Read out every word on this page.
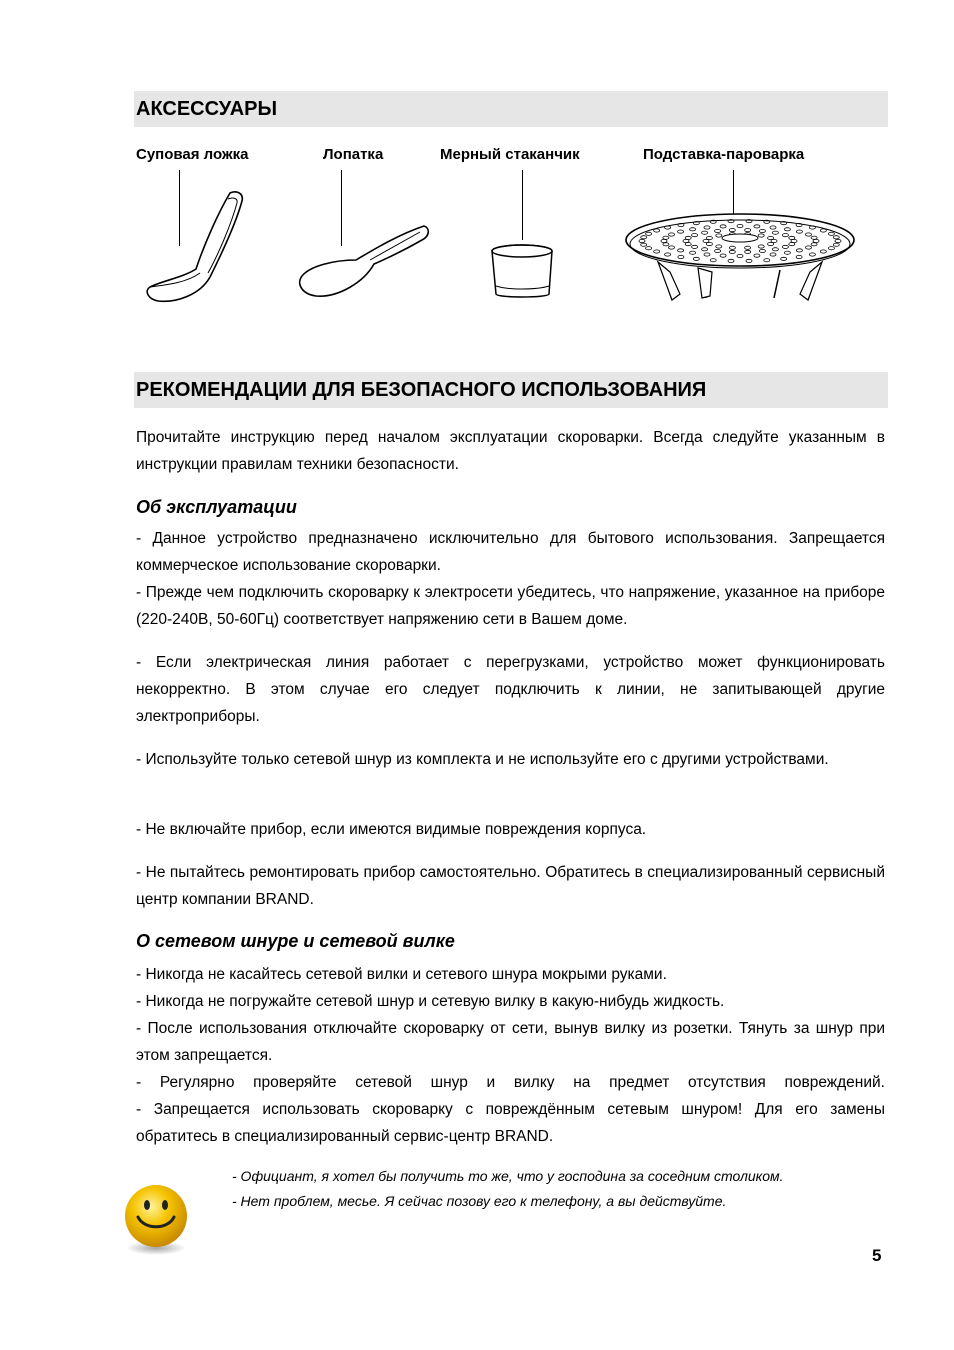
АКСЕССУАРЫ
Суповая ложка	Лопатка	Мерный стаканчик	Подставка-пароварка
РЕКОМЕНДАЦИИ ДЛЯ БЕЗОПАСНОГО ИСПОЛЬЗОВАНИЯ

Прочитайте инструкцию перед началом эксплуатации скороварки. Всегда следуйте указанным в инструкции правилам техники безопасности.

Об эксплуатации

- Данное устройство предназначено исключительно для бытового использования. Запрещается коммерческое использование скороварки.

- Прежде чем подключить скороварку к электросети убедитесь, что напряжение, указанное на приборе (220-240В, 50-60Гц) соответствует напряжению сети в Вашем доме.

- Если электрическая линия работает с перегрузками, устройство может функционировать некорректно. В этом случае его следует подключить к линии, не запитывающей другие электроприборы.

- Используйте только сетевой шнур из комплекта и не используйте его с другими устройствами.

- Не включайте прибор, если имеются видимые повреждения корпуса.

- Не пытайтесь ремонтировать прибор самостоятельно. Обратитесь в специализированный сервисный центр компании BRAND.

О сетевом шнуре и сетевой вилке

- Никогда не касайтесь сетевой вилки и сетевого шнура мокрыми руками.

- Никогда не погружайте сетевой шнур и сетевую вилку в какую-нибудь жидкость.

- После использования отключайте скороварку от сети, вынув вилку из розетки. Тянуть за шнур при этом запрещается.

- Регулярно проверяйте сетевой шнур и вилку на предмет отсутствия повреждений.

- Запрещается использовать скороварку с повреждённым сетевым шнуром! Для его замены обратитесь в специализированный сервис-центр BRAND.

- Официант, я хотел бы получить то же, что у господина за соседним столиком.
- Нет проблем, месье. Я сейчас позову его к телефону, а вы действуйте.
5
